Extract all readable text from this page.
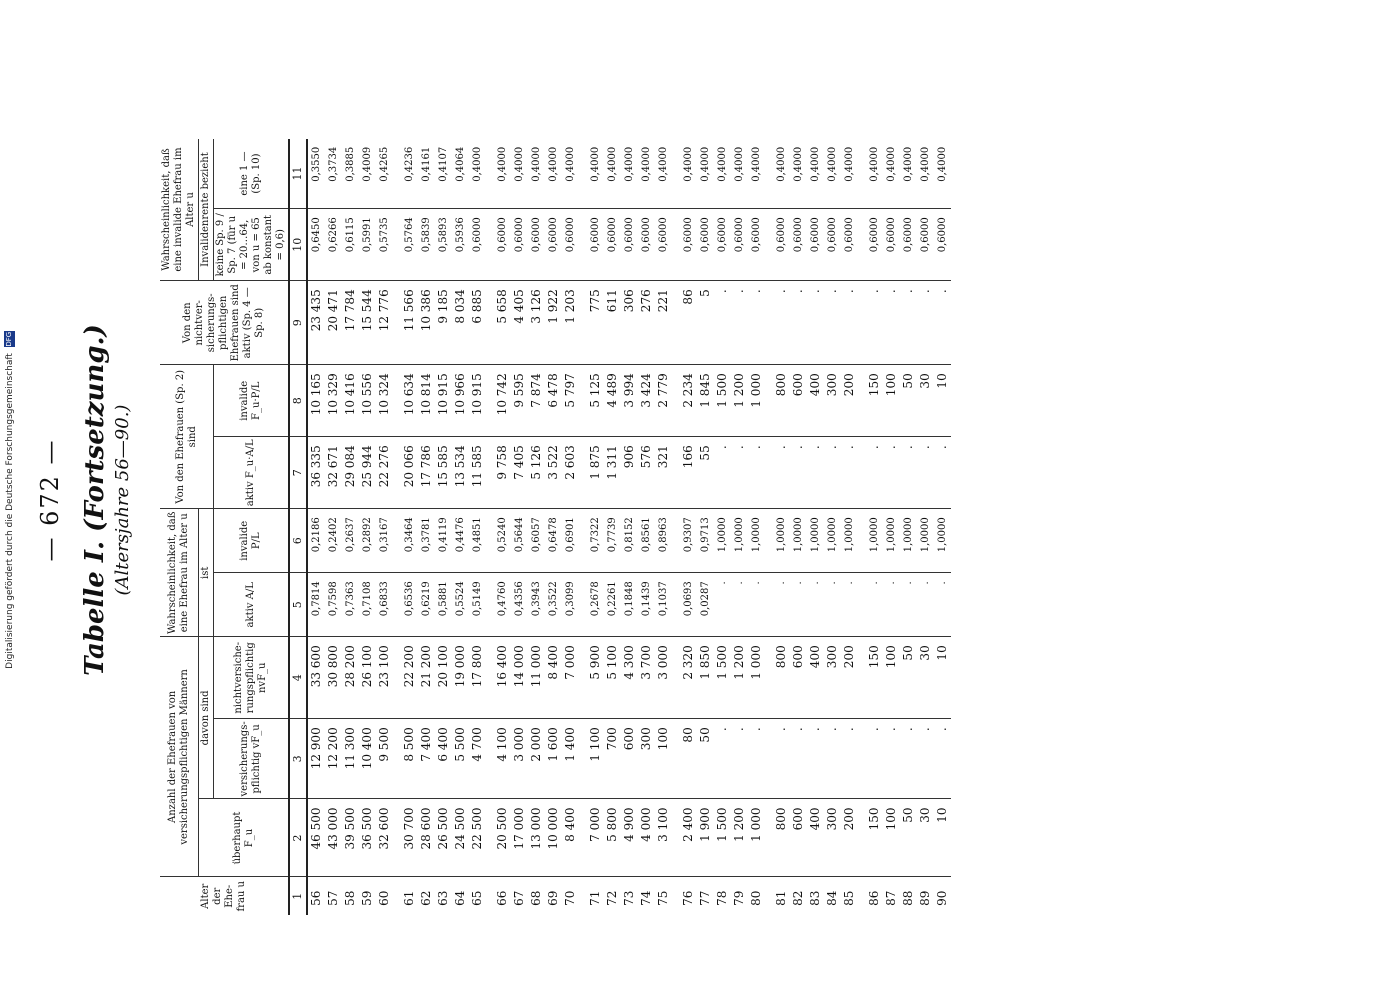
— 672 — Tabelle I. (Fortsetzung.) (Altersjahre 56—90.)
Alter der Ehe-frau u	Anzahl der Ehefrauen von versicherungspflichtigen Männern			Wahrscheinlichkeit, daß eine Ehefrau im Alter u		Von den Ehefrauen (Sp. 2) sind		Von den nichtver-sicherungs-pflichtigen Ehefrauen sind aktiv (Sp. 4 — Sp. 8)	Wahrscheinlichkeit, daß eine invalide Ehefrau im Alter u	
	überhaupt F_u	davon sind		ist					Invalidenrente bezieht	
		versicherungs-pflichtig vF_u	nichtversiche-rungspflichtig nvF_u	aktiv A/L	invalide P/L	aktiv F_u·A/L	invalide F_u·P/L		keine Sp. 9 / Sp. 7 (für u = 20…64, von u = 65 ab konstant = 0,6)	eine 1 — (Sp. 10)
1	2	3	4	5	6	7	8	9	10	11
56	46 500	12 900	33 600	0,7814	0,2186	36 335	10 165	23 435	0,6450	0,3550
57	43 000	12 200	30 800	0,7598	0,2402	32 671	10 329	20 471	0,6266	0,3734
58	39 500	11 300	28 200	0,7363	0,2637	29 084	10 416	17 784	0,6115	0,3885
59	36 500	10 400	26 100	0,7108	0,2892	25 944	10 556	15 544	0,5991	0,4009
60	32 600	9 500	23 100	0,6833	0,3167	22 276	10 324	12 776	0,5735	0,4265
61	30 700	8 500	22 200	0,6536	0,3464	20 066	10 634	11 566	0,5764	0,4236
62	28 600	7 400	21 200	0,6219	0,3781	17 786	10 814	10 386	0,5839	0,4161
63	26 500	6 400	20 100	0,5881	0,4119	15 585	10 915	9 185	0,5893	0,4107
64	24 500	5 500	19 000	0,5524	0,4476	13 534	10 966	8 034	0,5936	0,4064
65	22 500	4 700	17 800	0,5149	0,4851	11 585	10 915	6 885	0,6000	0,4000
66	20 500	4 100	16 400	0,4760	0,5240	9 758	10 742	5 658	0,6000	0,4000
67	17 000	3 000	14 000	0,4356	0,5644	7 405	9 595	4 405	0,6000	0,4000
68	13 000	2 000	11 000	0,3943	0,6057	5 126	7 874	3 126	0,6000	0,4000
69	10 000	1 600	8 400	0,3522	0,6478	3 522	6 478	1 922	0,6000	0,4000
70	8 400	1 400	7 000	0,3099	0,6901	2 603	5 797	1 203	0,6000	0,4000
71	7 000	1 100	5 900	0,2678	0,7322	1 875	5 125	775	0,6000	0,4000
72	5 800	700	5 100	0,2261	0,7739	1 311	4 489	611	0,6000	0,4000
73	4 900	600	4 300	0,1848	0,8152	906	3 994	306	0,6000	0,4000
74	4 000	300	3 700	0,1439	0,8561	576	3 424	276	0,6000	0,4000
75	3 100	100	3 000	0,1037	0,8963	321	2 779	221	0,6000	0,4000
76	2 400	80	2 320	0,0693	0,9307	166	2 234	86	0,6000	0,4000
77	1 900	50	1 850	0,0287	0,9713	55	1 845	5	0,6000	0,4000
78	1 500	.	1 500	.	1,0000	.	1 500	.	0,6000	0,4000
79	1 200	.	1 200	.	1,0000	.	1 200	.	0,6000	0,4000
80	1 000	.	1 000	.	1,0000	.	1 000	.	0,6000	0,4000
81	800	.	800	.	1,0000	.	800	.	0,6000	0,4000
82	600	.	600	.	1,0000	.	600	.	0,6000	0,4000
83	400	.	400	.	1,0000	.	400	.	0,6000	0,4000
84	300	.	300	.	1,0000	.	300	.	0,6000	0,4000
85	200	.	200	.	1,0000	.	200	.	0,6000	0,4000
86	150	.	150	.	1,0000	.	150	.	0,6000	0,4000
87	100	.	100	.	1,0000	.	100	.	0,6000	0,4000
88	50	.	50	.	1,0000	.	50	.	0,6000	0,4000
89	30	.	30	.	1,0000	.	30	.	0,6000	0,4000
90	10	.	10	.	1,0000	.	10	.	0,6000	0,4000
Digitalisierung gefördert durch die Deutsche Forschungsgemeinschaft DFG
